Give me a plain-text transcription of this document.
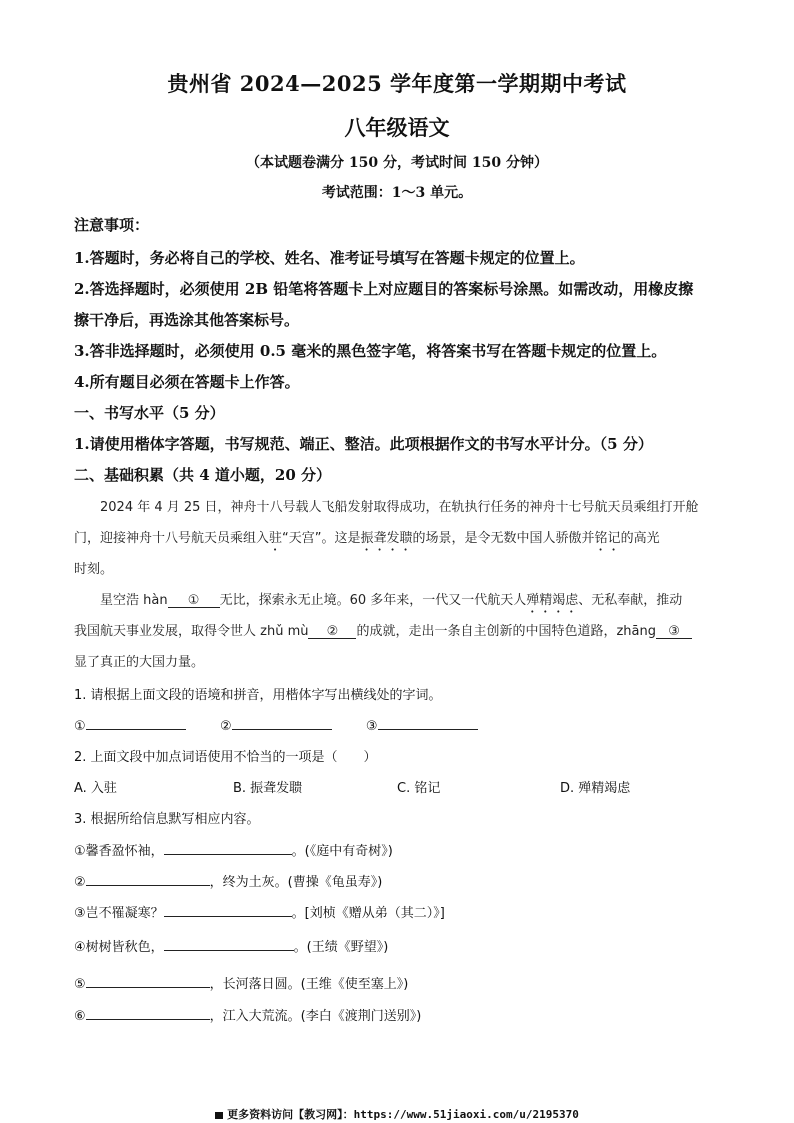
贵州省 2024—2025 学年度第一学期期中考试
八年级语文
（本试题卷满分 150 分，考试时间 150 分钟）
考试范围：1～3 单元。
注意事项：
1.答题时，务必将自己的学校、姓名、准考证号填写在答题卡规定的位置上。
2.答选择题时，必须使用 2B 铅笔将答题卡上对应题目的答案标号涂黑。如需改动，用橡皮擦
擦干净后，再选涂其他答案标号。
3.答非选择题时，必须使用 0.5 毫米的黑色签字笔，将答案书写在答题卡规定的位置上。
4.所有题目必须在答题卡上作答。
一、书写水平（5 分）
1.请使用楷体字答题，书写规范、端正、整洁。此项根据作文的书写水平计分。（5 分）
二、基础积累（共 4 道小题，20 分）
2024 年 4 月 25 日，神舟十八号载人飞船发射取得成功，在轨执行任务的神舟十七号航天员乘组打开舱
门，迎接神舟十八号航天员乘组入驻“天宫”。这是振聋发聩的场景，是令无数中国人骄傲并铭记的高光
时刻。
星空浩 hàn ① 无比，探索永无止境。60 多年来，一代又一代航天人殚精竭虑、无私奉献，推动
我国航天事业发展，取得令世人 zhǔ mù ② 的成就，走出一条自主创新的中国特色道路，zhāng ③
显了真正的大国力量。
1. 请根据上面文段的语境和拼音，用楷体字写出横线处的字词。
①	②	③
2. 上面文段中加点词语使用不恰当的一项是（　　）
A. 入驻	B. 振聋发聩	C. 铭记	D. 殚精竭虑
3. 根据所给信息默写相应内容。
①馨香盈怀袖，	。(《庭中有奇树》)
②	，终为土灰。(曹操《龟虽寿》)
③岂不罹凝寒？	。[刘桢《赠从弟（其二）》]
④树树皆秋色，	。(王绩《野望》)
⑤	，长河落日圆。(王维《使至塞上》)
⑥	，江入大荒流。(李白《渡荆门送别》)
更多资料访问【教习网】：https://www.51jiaoxi.com/u/2195370
